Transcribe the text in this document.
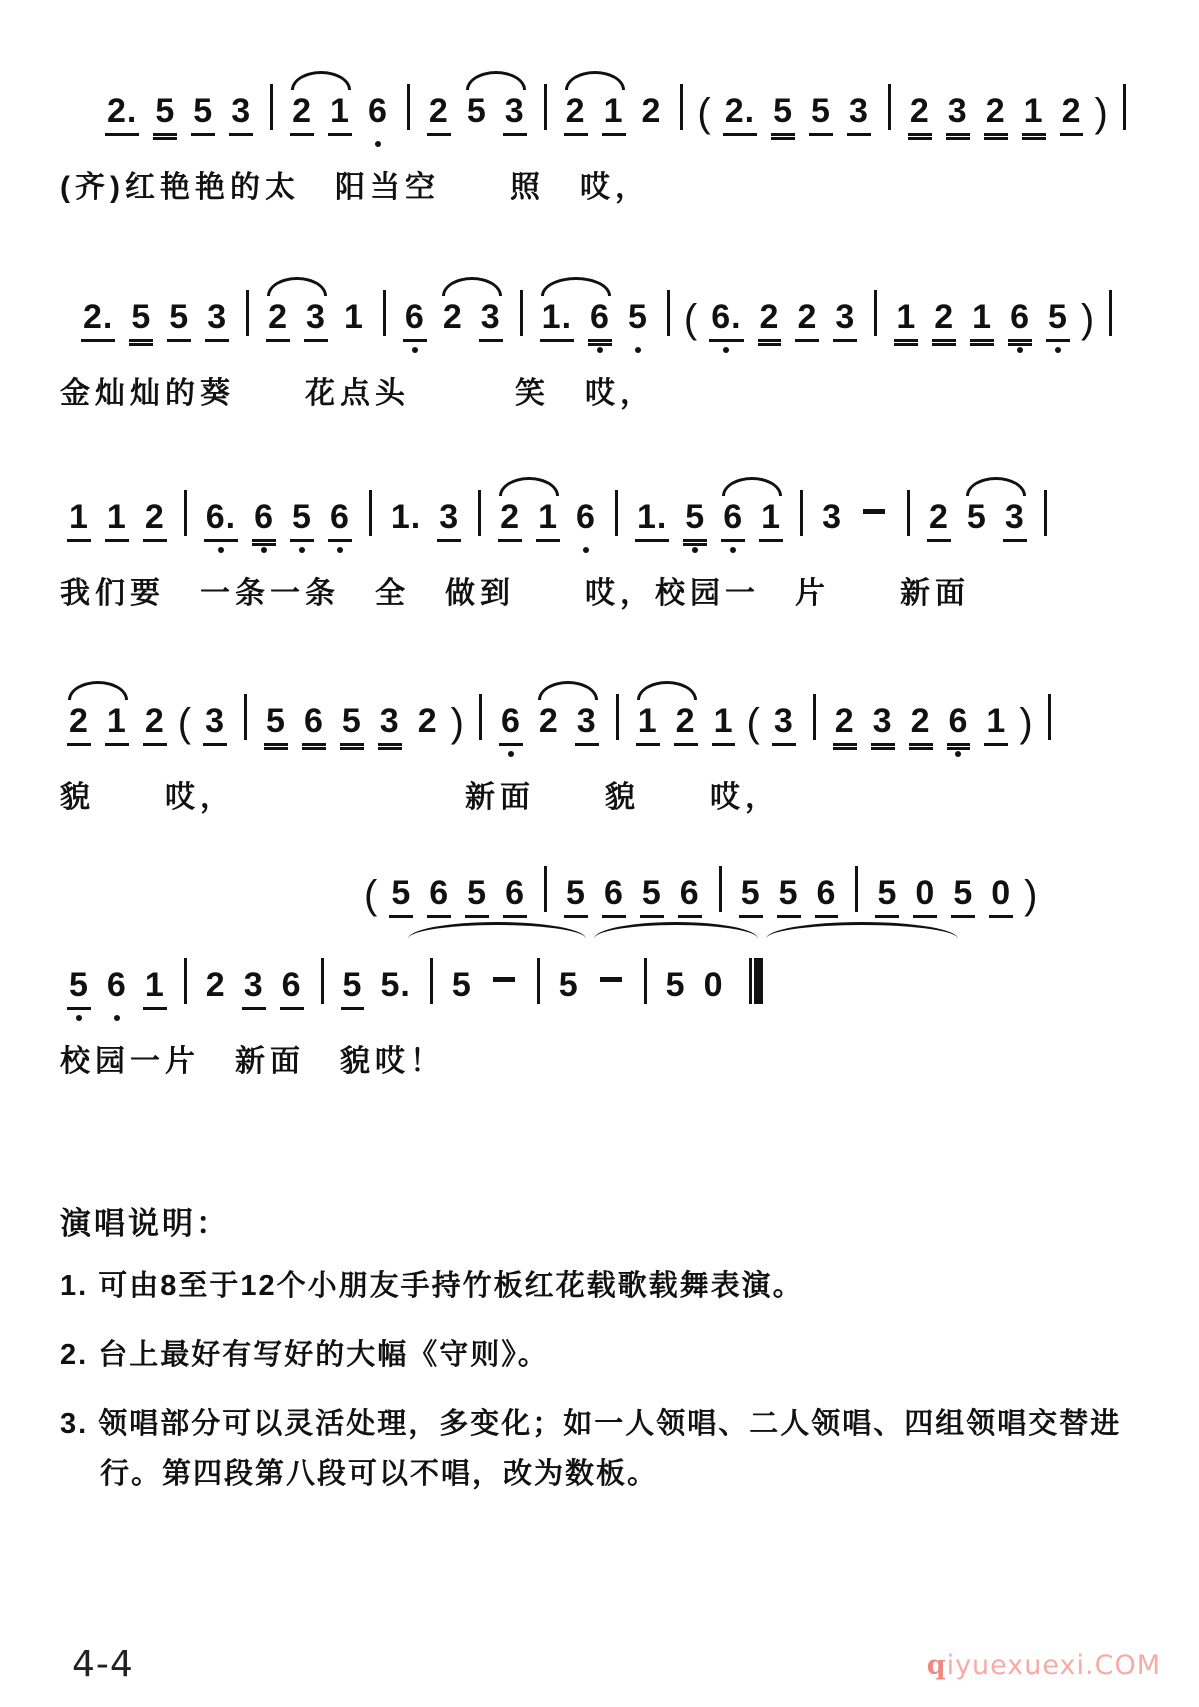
2. 5 5 3 2 1 6 2 5 3 2 1 2 ( 2. 5 5 3 2 3 2 1 2 )
(齐)红艳艳的太　阳当空　　照　哎，
2. 5 5 3 2 3 1 6 2 3 1. 6 5 ( 6. 2 2 3 1 2 1 6 5 )
金灿灿的葵　　花点头　　　笑　哎，
1 1 2 6. 6 5 6 1. 3 2 1 6 1. 5 6 1 3	2 5 3
我们要　一条一条　全　做到　　哎，校园一　片　　新面
2 1 2 ( 3 5 6 5 3 2 ) 6 2 3 1 2 1 ( 3 2 3 2 6 1 )
貌　　哎，　　　　　　　新面　　貌　　哎，
( 5 6 5 6 5 6 5 6 5 5 6 5 0 5 0 )
5 6 1 2 3 6 5 5. 5	5	5 0
校园一片　新面　貌哎！
演唱说明：
1. 可由8至于12个小朋友手持竹板红花载歌载舞表演。
2. 台上最好有写好的大幅《守则》。
3. 领唱部分可以灵活处理，多变化；如一人领唱、二人领唱、四组领唱交替进行。第四段第八段可以不唱，改为数板。
4-4	qiyuexuexi.COM
